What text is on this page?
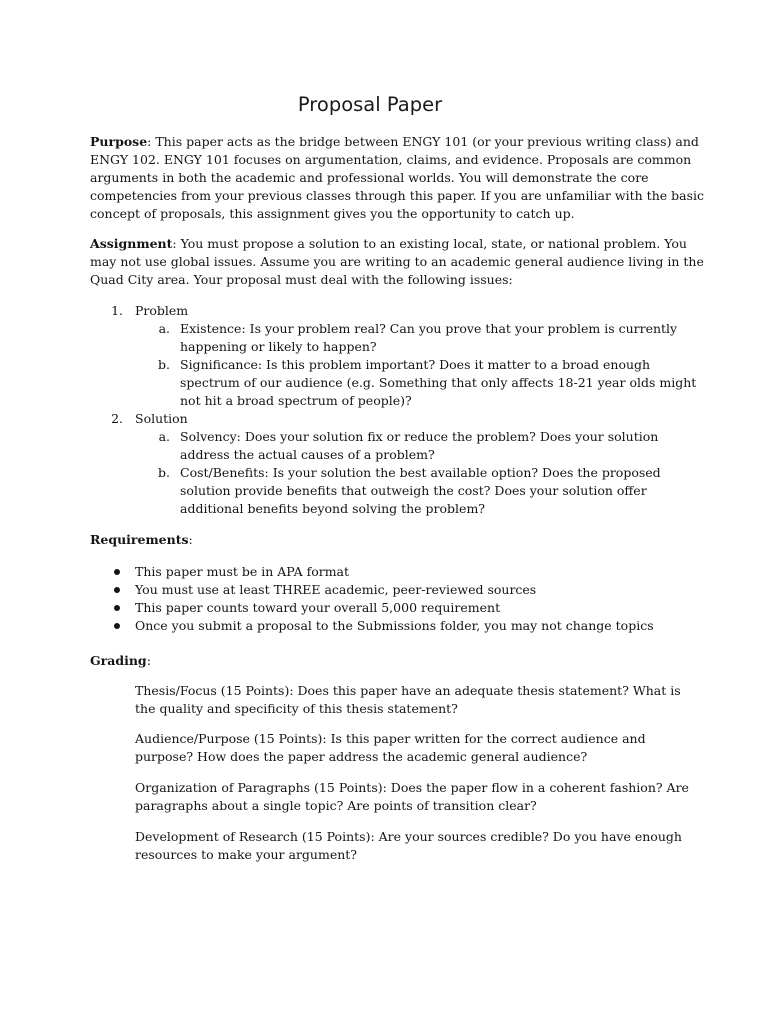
Proposal Paper
Purpose: This paper acts as the bridge between ENGY 101 (or your previous writing class) and
ENGY 102. ENGY 101 focuses on argumentation, claims, and evidence. Proposals are common
arguments in both the academic and professional worlds. You will demonstrate the core
competencies from your previous classes through this paper. If you are unfamiliar with the basic
concept of proposals, this assignment gives you the opportunity to catch up.
Assignment: You must propose a solution to an existing local, state, or national problem. You
may not use global issues. Assume you are writing to an academic general audience living in the
Quad City area. Your proposal must deal with the following issues:
1. Problem
a. Existence: Is your problem real? Can you prove that your problem is currently
happening or likely to happen?
b. Significance: Is this problem important? Does it matter to a broad enough
spectrum of our audience (e.g. Something that only affects 18-21 year olds might
not hit a broad spectrum of people)?
2. Solution
a. Solvency: Does your solution fix or reduce the problem? Does your solution
address the actual causes of a problem?
b. Cost/Benefits: Is your solution the best available option? Does the proposed
solution provide benefits that outweigh the cost? Does your solution offer
additional benefits beyond solving the problem?
Requirements:
This paper must be in APA format
You must use at least THREE academic, peer-reviewed sources
This paper counts toward your overall 5,000 requirement
Once you submit a proposal to the Submissions folder, you may not change topics
Grading:
Thesis/Focus (15 Points): Does this paper have an adequate thesis statement? What is
the quality and specificity of this thesis statement?
Audience/Purpose (15 Points): Is this paper written for the correct audience and
purpose? How does the paper address the academic general audience?
Organization of Paragraphs (15 Points): Does the paper flow in a coherent fashion? Are
paragraphs about a single topic? Are points of transition clear?
Development of Research (15 Points): Are your sources credible? Do you have enough
resources to make your argument?
